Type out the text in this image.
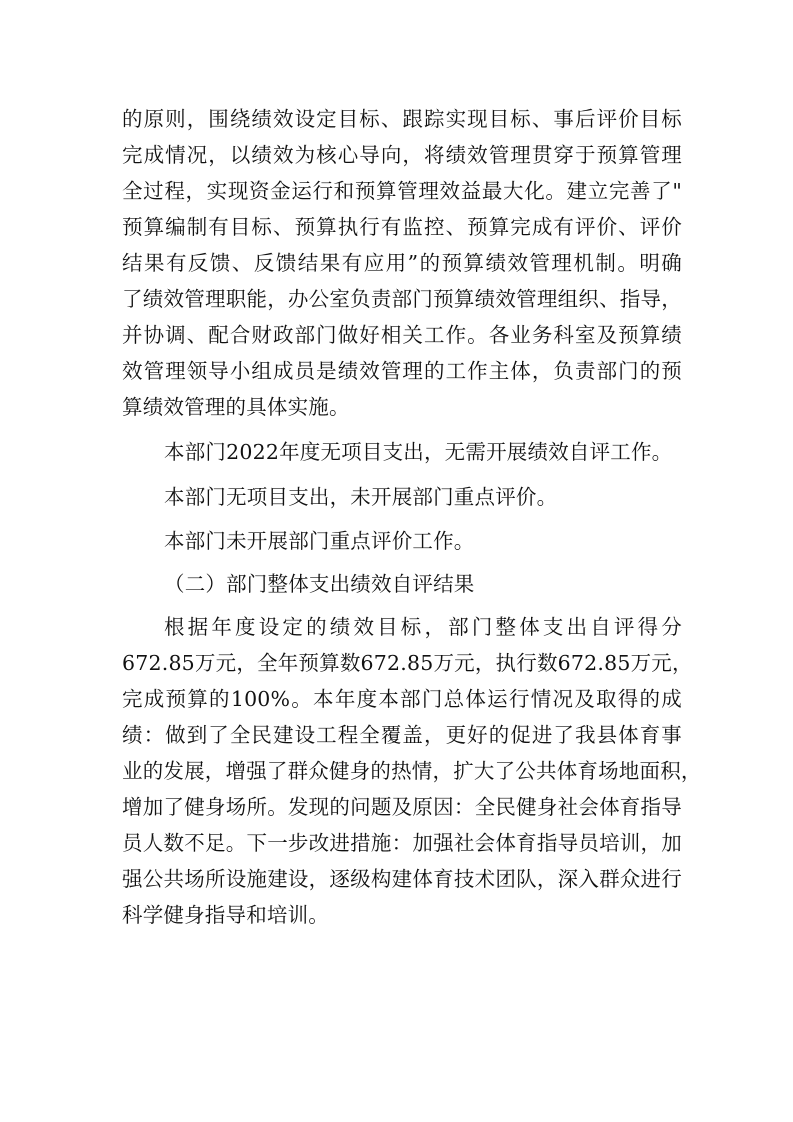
的原则，围绕绩效设定目标、跟踪实现目标、事后评价目标
完成情况，以绩效为核心导向，将绩效管理贯穿于预算管理
全过程，实现资金运行和预算管理效益最大化。建立完善了"
预算编制有目标、预算执行有监控、预算完成有评价、评价
结果有反馈、反馈结果有应用”的预算绩效管理机制。明确
了绩效管理职能，办公室负责部门预算绩效管理组织、指导，
并协调、配合财政部门做好相关工作。各业务科室及预算绩
效管理领导小组成员是绩效管理的工作主体，负责部门的预
算绩效管理的具体实施。
本部门2022年度无项目支出，无需开展绩效自评工作。
本部门无项目支出，未开展部门重点评价。
本部门未开展部门重点评价工作。
（二）部门整体支出绩效自评结果
根据年度设定的绩效目标，部门整体支出自评得分
672.85万元，全年预算数672.85万元，执行数672.85万元，
完成预算的100%。本年度本部门总体运行情况及取得的成
绩：做到了全民建设工程全覆盖，更好的促进了我县体育事
业的发展，增强了群众健身的热情，扩大了公共体育场地面积，
增加了健身场所。发现的问题及原因：全民健身社会体育指导
员人数不足。下一步改进措施：加强社会体育指导员培训，加
强公共场所设施建设，逐级构建体育技术团队，深入群众进行
科学健身指导和培训。
